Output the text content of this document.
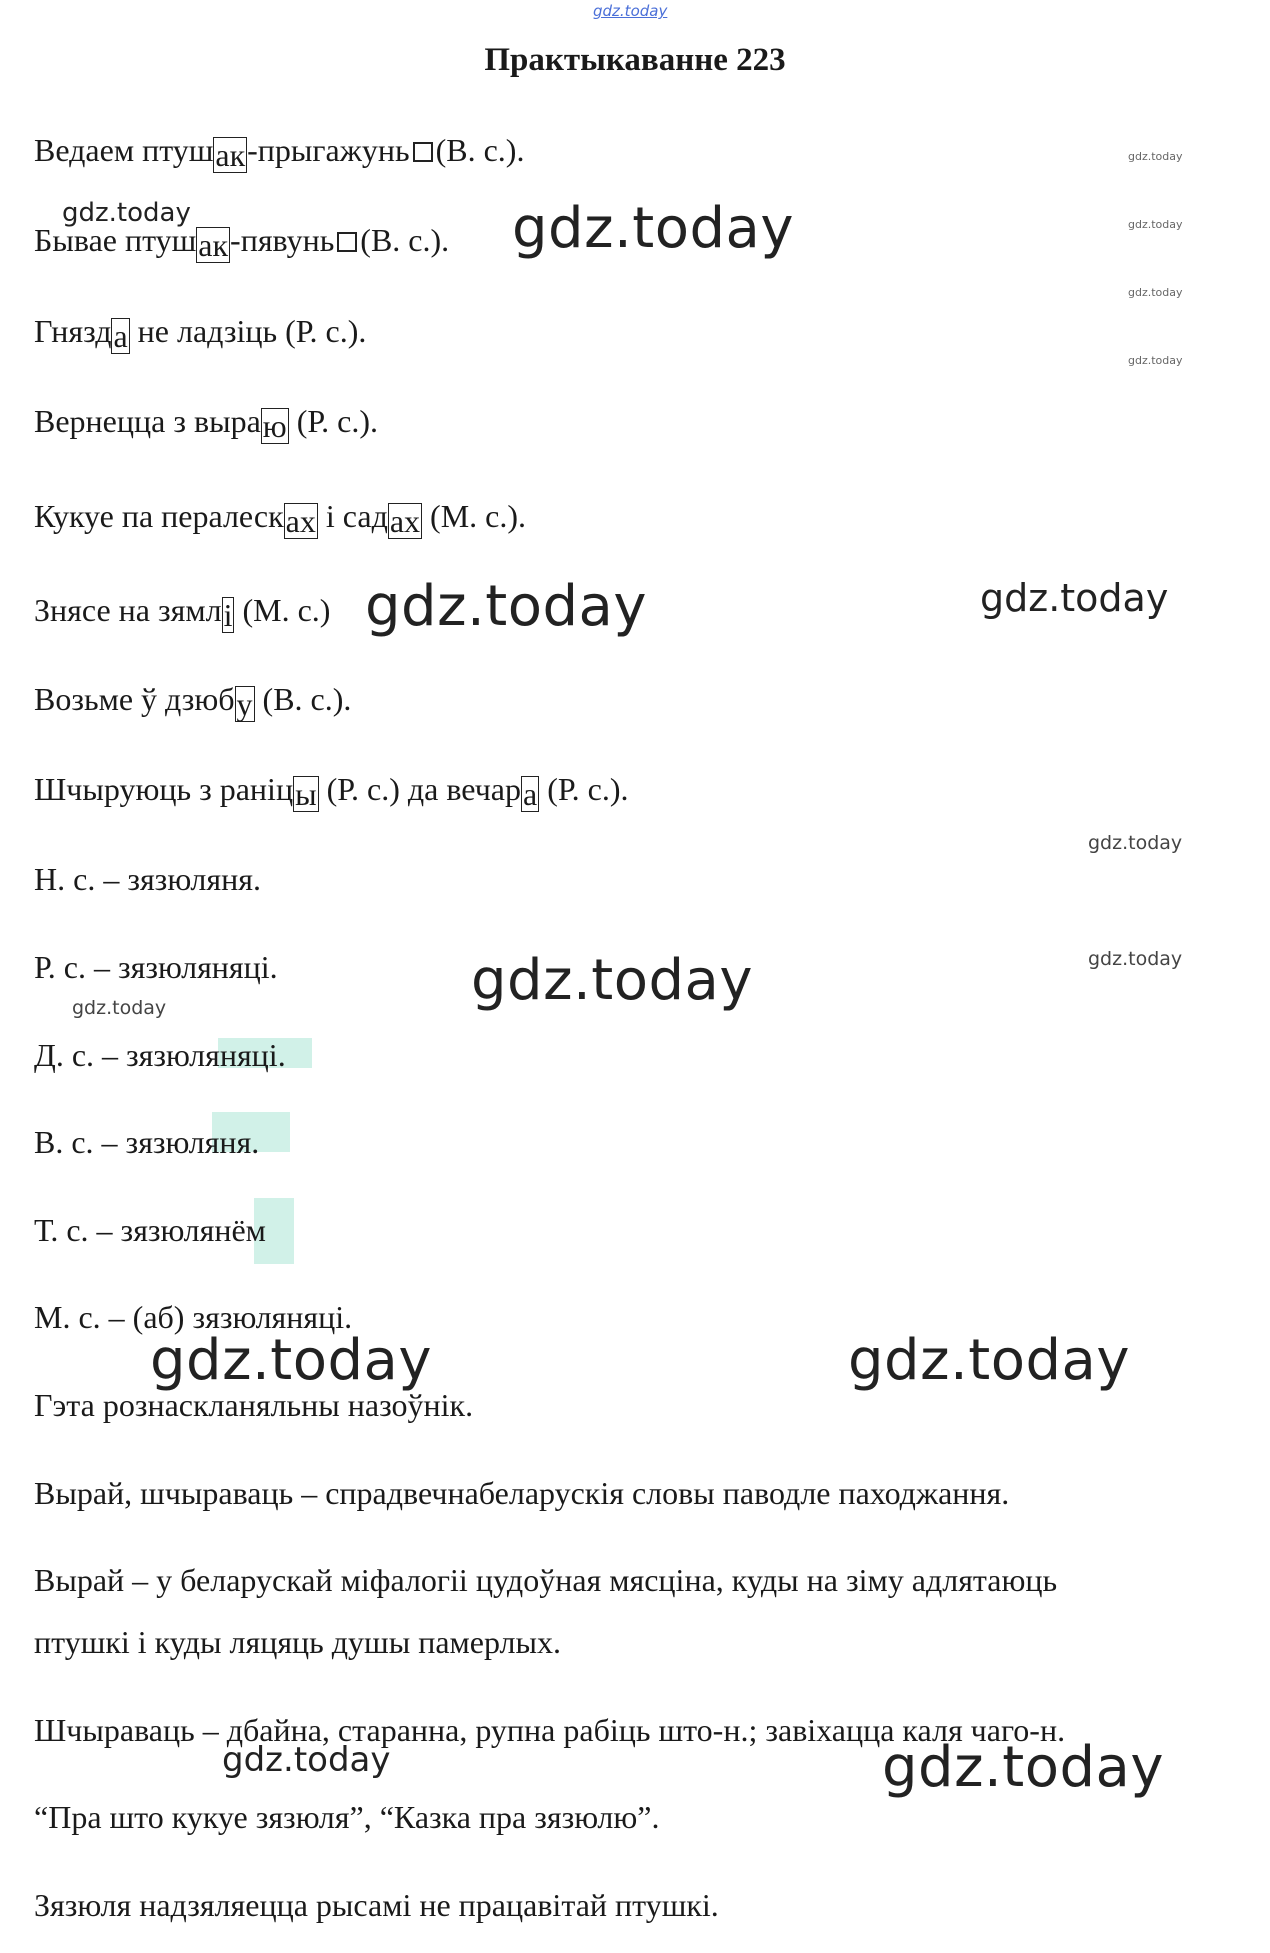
gdz.today
Практыкаванне 223
Ведаем птушак-прыгажунь (В. с.).
Бывае птушак-пявунь (В. с.).
Гнязда не ладзіць (Р. с.).
Вернецца з выраю (Р. с.).
Кукуе па пералесках і садах (М. с.).
Знясе на зямлі (М. с.)
Возьме ў дзюбу (В. с.).
Шчыруюць з раніцы (Р. с.) да вечара (Р. с.).
Н. с. – зязюляня.
Р. с. – зязюляняці.
Д. с. – зязюляняці.
В. с. – зязюляня.
Т. с. – зязюлянём
М. с. – (аб) зязюляняці.
Гэта рознаскланяльны назоўнік.
Вырай, шчыраваць – спрадвечнабеларускія словы паводле паходжання.
Вырай – у беларускай міфалогіі цудоўная мясціна, куды на зіму адлятаюць
птушкі і куды ляцяць душы памерлых.
Шчыраваць – дбайна, старанна, рупна рабіць што-н.; завіхацца каля чаго-н.
“Пра што кукуе зязюля”, “Казка пра зязюлю”.
Зязюля надзяляецца рысамі не працавітай птушкі.
gdz.today
gdz.today
gdz.today
gdz.today
gdz.today	gdz.today
gdz.today	gdz.today
gdz.today
gdz.today
gdz.today
gdz.today
gdz.today	gdz.today
gdz.today	gdz.today
